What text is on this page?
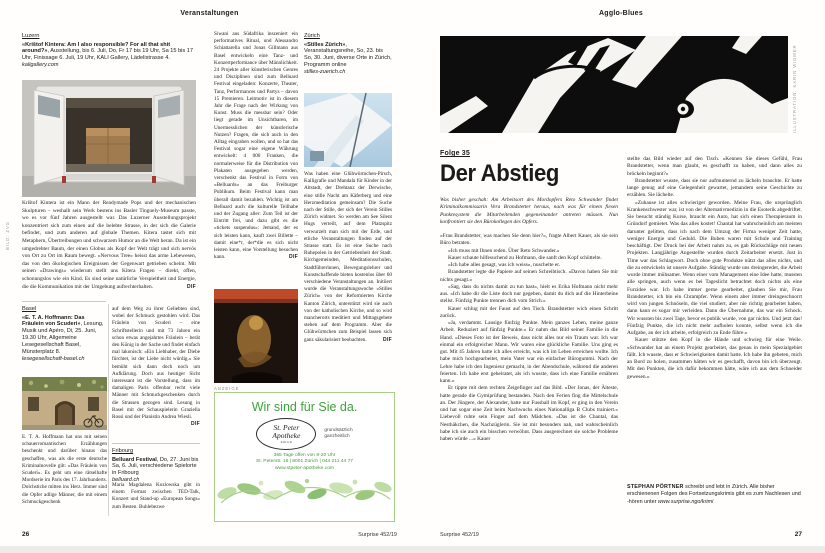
Veranstaltungen
BILD: ZVG
Luzern

«Krištof Kintera: Am I also responsible? For all that shit around?», Ausstellung, bis 6. Juli, Do, Fr 17 bis 19 Uhr, Sa 15 bis 17 Uhr, Finissage 6. Juli, 19 Uhr, KALI Gallery, Lädelistrasse 4.

kaligallery.com

Krištof Kintera ist ein Mann der Readymade Pops und der mechanischen Skulpturen – weshalb sein Werk bestens ins Basler Tinguely-Museum passte, wo es vor fünf Jahren ausgestellt war. Das Luzerner Ausstellungsprojekt konzentriert sich zum einen auf die belebte Strasse, in der sich die Galerie befindet, und zum anderen auf globale Themen. Kitera tastet sich mit Metaphern, Übertreibungen und schwarzem Humor an die Welt heran. Da ist ein umgedrehter Baum, der einen Globus als Kopf der Welt trägt und sich nervös von Ort zu Ort im Raum bewegt. «Nervous Tree» heisst das arme Lebewesen, das von den ökologischen Ereignissen der Gegenwart getrieben scheint. Mit seinen «Drawings» wiederum stellt uns Kitera Fragen – direkt, offen, schonungslos wie ein Kind. Es sind seine natürliche Verspieltheit und Energie, die die Kommunikation mit der Umgebung aufrechterhalten.	DIF

Basel

«E. T. A. Hoffmann: Das Fräulein von Scuderi», Lesung, Musik und Apéro, Di, 25. Juni, 19.30 Uhr, Allgemeine Lesegesellschaft Basel, Münsterplatz 8.

lesegesellschaft-basel.ch

E. T. A. Hoffmann hat uns mit seinen schauerromantischen Erzählungen beschenkt und darüber hinaus das geschaffen, was als die erste deutsche Kriminalnovelle gilt: «Das Fräulein von Scuderi». Es geht um eine rätselhafte Mordserie im Paris des 17. Jahrhunderts. Dolchstiche mitten ins Herz. Immer sind die Opfer adlige Männer, die mit einem Schmuckgeschenk

auf dem Weg zu ihrer Geliebten sind, wobei der Schmuck gestohlen wird. Das Fräulein von Scuderi – eine Schriftstellerin und mit 73 Jahren ein schon etwas angejahrtes Fräulein – berät den König in der Sache und findet einfach mal lakonisch: «Ein Liebhaber, der Diebe fürchtet, ist der Liebe nicht würdig.» Sie bemüht sich dann doch noch um Aufklärung. Doch aus heutiger Sicht interessant ist die Vorstellung, dass im damaligen Paris offenbar recht viele Männer mit Schmuckgeschenken durch die Strassen gezogen sind. Lesung in Basel mit der Schauspielerin Graziella Rossi und der Pianistin Andrea Wiesli.
DIF

Fribourg

Belluard Festival, Do, 27. Juni bis Sa, 6. Juli, verschiedene Spielorte in Fribourg

belluard.ch

Maria Magdalena Kozlowska gibt in einem Format zwischen TED-Talk, Konzert und Stand-up «European Songs» zum Besten. Buhlebezwe

Siwani aus Südafrika inszeniert ein performatives Ritual, und Alessandro Schiattarella und Jonas Gillmann aus Basel entwickeln eine Tanz- und Konzertperformance über Männlichkeit. 24 Projekte aller künstlerischen Genres und Disziplinen sind zum Belluard Festival eingeladen: Konzerte, Theater, Tanz, Performances und Partys – davon 15 Premieren. Leitmotiv ist in diesem Jahr die Frage nach der Wirkung von Kunst. Muss die messbar sein? Oder liegt gerade im Unsichtbaren, im Unermesslichen der künstlerische Nutzen? Fragen, die sich auch in den Alltag eingraben wollen, und so hat das Festival sogar eine eigene Währung entwickelt: 4 000 Franken, die normalerweise für die Distribution von Plakaten ausgegeben werden, verschenkt das Festival in Form von «Belluards» an das Freiburger Publikum. Beim Festival kann man überall damit bezahlen. Wichtig ist am Belluard auch die kulturelle Teilhabe und der Zugang aller: Zum Teil ist der Eintritt frei, und dazu gibt es die «tickets suspendus»: Jemand, der es sich leisten kann, kauft zwei Billette – damit eine*r, der*die es sich nicht leisten kann, eine Vorstellung besuchen kann.	DIF

Zürich

«Stilles Zürich», Veranstaltungsreihe, So, 23. bis So, 30. Juni, diverse Orte in Zürich, Programm online

stilles-zuerich.ch

Was haben eine Glühwürmchen-Pirsch, Kalligrafie und Mandala für Kinder in der Altstadt, der Drehtanz der Derwische, eine stille Nacht am Käferberg und eine Herzmeditation gemeinsam? Die Suche nach der Stille, der sich der Verein Stilles Zürich widmet. So werden am See Silent Hugs verteilt, auf dem Platzspitz verwurzelt man sich mit der Erde, und etliche Veranstaltungen finden auf der Strasse statt. Es ist eine Suche nach Ruhepolen in der Getriebenheit der Stadt. Kirchgemeinden, Meditationsschulen, Stadtführerinnen, Bewegungslehrer und Kunstschaffende bieten kostenlos über 60 verschiedene Veranstaltungen an. Initiiert wurde die Veranstaltungswoche «Stilles Zürich» von der Reformierten Kirche Kanton Zürich, unterstützt wird sie auch von der katholischen Kirche, und so wird mancherorts meditiert und Mittagsgebete stehen auf dem Programm. Aber die Glühwürmchen zum Beispiel lassen sich ganz säkularisiert beobachten.	DIF

ANZEIGE
Wir sind für Sie da.
St. Peter
Apotheke
Zürich
grundsätzlich
ganzheitlich
365 Tage offen von 8-20 Uhr
St. Peterstr. 16 | 8001 Zürich | 044 211 44 77
www.stpeter-apotheke.com
26	Surprise 452/19
Agglo-Blues
ILLUSTRATION: KARIN WIDMER
Folge 35
Der Abstieg

Was bisher geschah: Am Arbeitsort des Mordopfers Reto Schwander findet Kriminalkommissarin Vera Brandstetter heraus, nach was für einem fiesen Punktesystem die Mitarbeitenden gegeneinander antreten müssen. Nun konfrontiert sie den Bürokollegen des Opfers.

«Frau Brandstetter, was machen Sie denn hier?», fragte Albert Kauer, als sie sein Büro betraten.

«Ich muss mit Ihnen reden. Über Reto Schwander.»

Kauer schaute hilfesuchend zu Hofmann, die sanft den Kopf schüttelte.

«Ich habe alles gesagt, was ich weiss», nuschelte er.

Brandstetter legte die Papiere auf seinen Schreibtisch. «Davon haben Sie mir nichts gesagt.»

«Sag, dass du nichts damit zu tun hast», hielt es Erika Hofmann nicht mehr aus. «Ich habe dir die Liste doch nur gegeben, damit du dich auf die Hinterbeine stellst. Fünfzig Punkte trennen dich vom Strich.»

Kauer schlug mit der Faust auf den Tisch. Brandstetter wich einen Schritt zurück.

«Ja, verdammt. Lausige fünfzig Punkte. Mein ganzes Leben, meine ganze Arbeit. Reduziert auf fünfzig Punkte.» Er nahm das Bild seiner Familie in die Hand. «Dieses Foto ist der Beweis, dass nicht alles nur ein Traum war. Ich war einmal ein erfolgreicher Mann. Wir waren eine glückliche Familie. Uns ging es gut. Mit 45 Jahren hatte ich alles erreicht, was ich im Leben erreichen wollte. Ich habe mich hochgearbeitet, mein Vater war ein einfacher Bürogummi. Nach der Lehre habe ich den Ingenieur gemacht, in der Abendschule, während die anderen feierten. Ich habe erst geheiratet, als ich wusste, dass ich eine Familie ernähren kann.»

Er tippte mit dem rechten Zeigefinger auf das Bild. «Der Jonas, der Älteste, hatte gerade die Gymiprüfung bestanden. Nach den Ferien fing die Mittelschule an. Der Jüngere, der Alexander, hatte nur Fussball im Kopf, er ging in den Verein und hat sogar eine Zeit beim Nachwuchs eines Nationalliga B Clubs trainiert.» Liebevoll ruhte sein Finger auf dem Mädchen. «Das ist die Chantal, das Nesthäkchen, die Nachzüglerin. Sie ist mir besonders nah, und wahrscheinlich habe ich sie auch ein bisschen verwöhnt. Dass ausgerechnet sie solche Probleme haben würde ...» Kauer

stellte das Bild wieder auf den Tisch. «Kennen Sie dieses Gefühl, Frau Brandstetter, wenn man glaubt, es geschafft zu haben, und dann alles zu bröckeln beginnt?»

Brandstetter wusste, dass sie nur aufmunternd zu lächeln brauchte. Er hatte lange genug auf eine Gelegenheit gewartet, jemandem seine Geschichte zu erzählen. Sie lächelte.

«Zuhause ist alles schwieriger geworden. Meine Frau, die ursprünglich Krankenschwester war, ist von der Alternativmedizin in die Esoterik abgedriftet. Sie besucht ständig Kurse, braucht ein Auto, hat sich einen Therapieraum in Gründorf gemietet. Was das alles kostet! Chantal hat wahrscheinlich am meisten darunter gelitten, dass ich nach dem Umzug der Firma weniger Zeit hatte, weniger Energie und Geduld. Die Buben waren mit Schule und Training beschäftigt. Der Druck bei der Arbeit nahm zu, es gab Rückschläge mit neuen Projekten. Langjährige Angestellte wurden durch Zeitarbeiter ersetzt. Just in Time war das Schlagwort. Doch ohne gute Produkte nützt das alles nichts, und die zu entwickeln ist unsere Aufgabe. Ständig wurde uns dreingeredet, die Arbeit wurde immer mühsamer. Wenn einer vom Management eine Idee hatte, mussten alle springen, auch wenn es bei Tageslicht betrachtet doch nichts als eine Furzidee war. Ich habe immer gerne gearbeitet, glauben Sie mir, Frau Brandstetter, ich bin ein Chrampfer. Wenn einem aber immer dreingeschnorrt wird von jungen Schnöseln, die viel studiert, aber nie richtig gearbeitet haben, dann kann es sogar mir verleiden. Dann die Übernahme, das war ein Schock. Wir wussten bis zwei Tage, bevor es publik wurde, von gar nichts. Und jetzt das! Fünfzig Punkte, die ich nicht mehr aufholen konnte, selbst wenn ich die Aufgabe, an der ich arbeite, erfolgreich zu Ende führe.»

Kauer stützte den Kopf in die Hände und schwieg für eine Weile. «Schwander hat an einem Projekt gearbeitet, das genau in mein Spezialgebiet fällt. Ich wusste, dass er Schwierigkeiten damit hatte. Ich habe ihn gebeten, mich an Bord zu holen, zusammen hätten wir es geschafft, davon bin ich überzeugt. Mit den Punkten, die ich dafür bekommen hätte, wäre ich aus dem Schneider gewesen.»

STEPHAN PÖRTNER schreibt und lebt in Zürich. Alle bisher erschienenen Folgen des Fortsetzungskrimis gibt es zum Nachlesen und -hören unter www.surprise.ngo/krimi
Surprise 452/19	27
